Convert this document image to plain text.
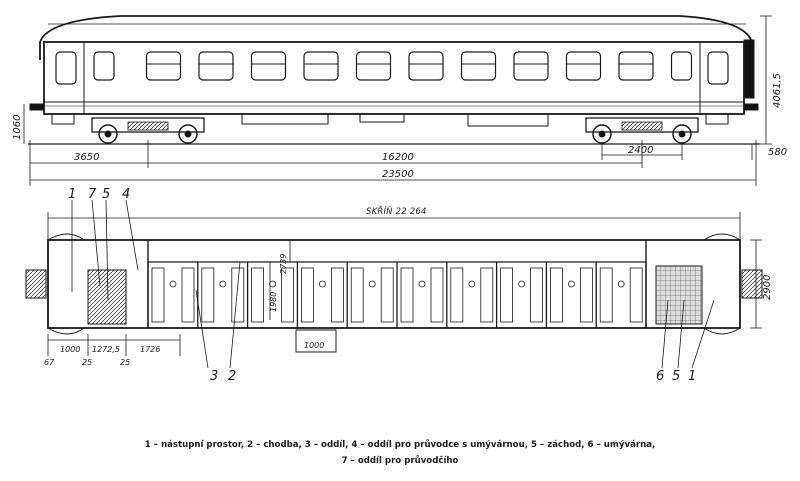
3650	16200
23500
2400	580
4061,5
1060
SKŘÍŇ 22 264
2900
1000 1272,5	1726
67	25	25
1980
2739
1000
1 7 5 4
3 2	6 5 1
1 – nástupní prostor, 2 – chodba, 3 – oddíl, 4 – oddíl pro průvodce s umývárnou, 5 – záchod, 6 – umývárna,
7 – oddíl pro průvodčího
